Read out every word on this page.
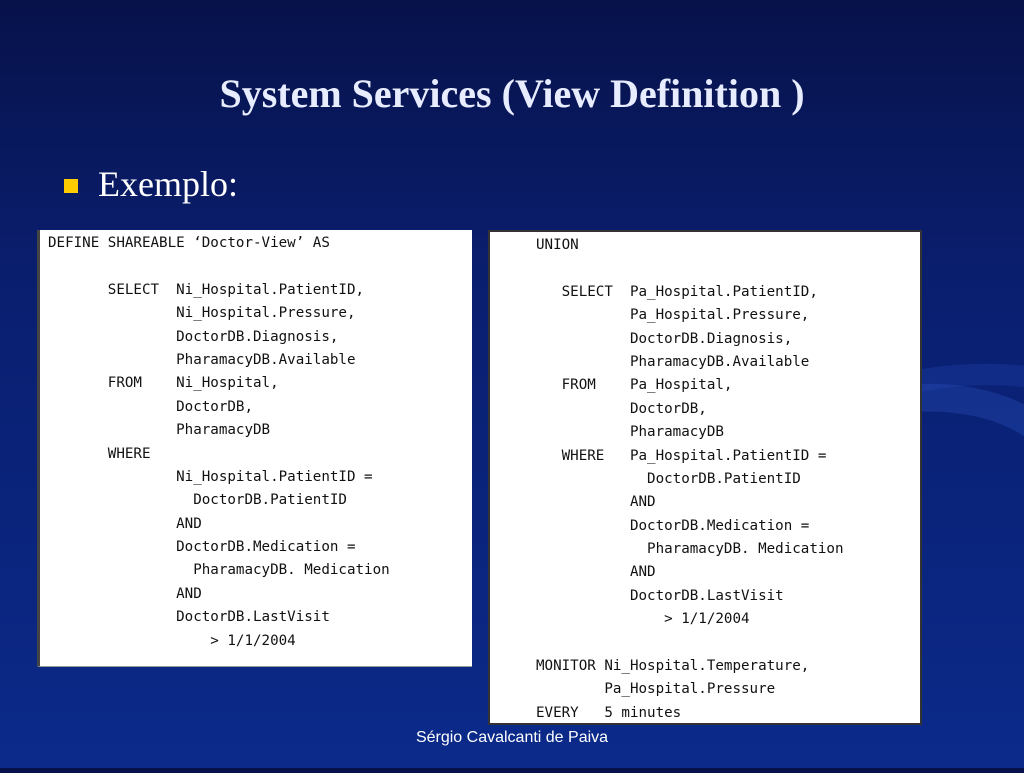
System Services (View Definition )
Exemplo:
DEFINE SHAREABLE ‘Doctor-View’ AS
SELECT  Ni_Hospital.PatientID,
Ni_Hospital.Pressure,
DoctorDB.Diagnosis,
PharamacyDB.Available
FROM    Ni_Hospital,
DoctorDB,
PharamacyDB
WHERE
Ni_Hospital.PatientID =
DoctorDB.PatientID
AND
DoctorDB.Medication =
PharamacyDB. Medication
AND
DoctorDB.LastVisit
> 1/1/2004
UNION
SELECT  Pa_Hospital.PatientID,
Pa_Hospital.Pressure,
DoctorDB.Diagnosis,
PharamacyDB.Available
FROM    Pa_Hospital,
DoctorDB,
PharamacyDB
WHERE   Pa_Hospital.PatientID =
DoctorDB.PatientID
AND
DoctorDB.Medication =
PharamacyDB. Medication
AND
DoctorDB.LastVisit
> 1/1/2004
MONITOR Ni_Hospital.Temperature,
Pa_Hospital.Pressure
EVERY   5 minutes
Sérgio Cavalcanti de Paiva
